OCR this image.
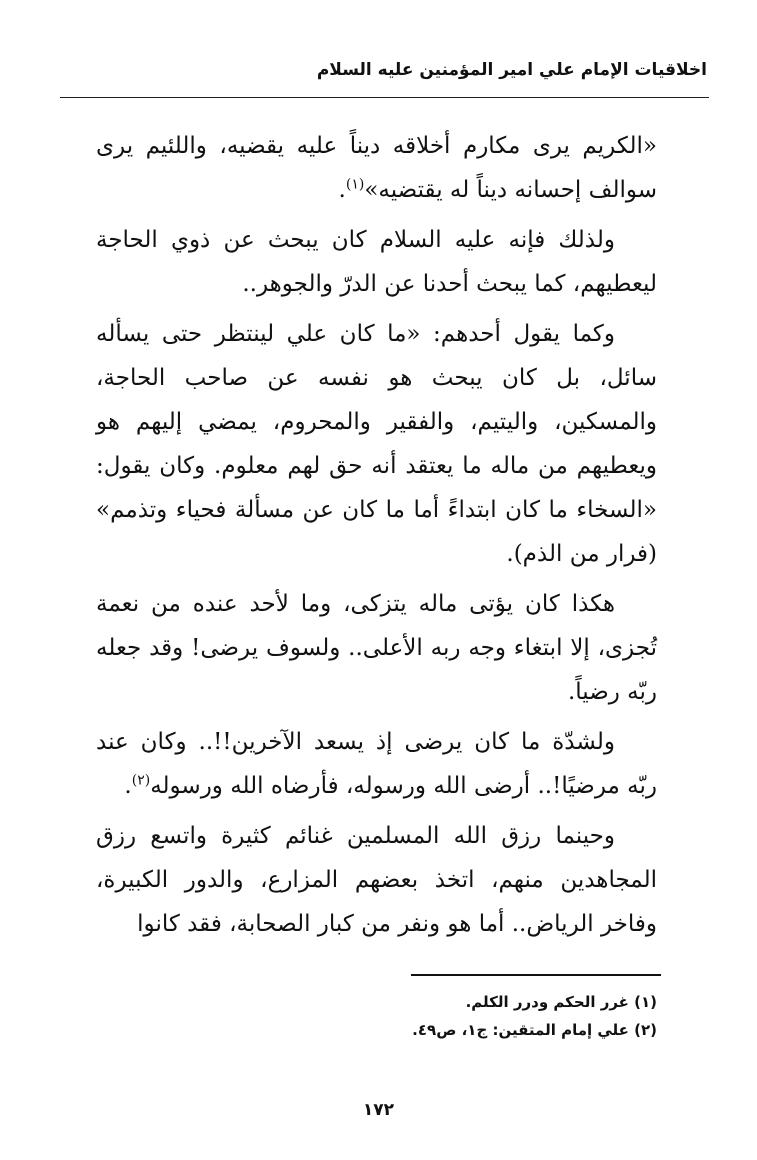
اخلاقيات الإمام علي امير المؤمنين عليه السلام

«الكريم يرى مكارم أخلاقه ديناً عليه يقضيه، واللئيم يرى سوالف إحسانه ديناً له يقتضيه»$^{(١)}$.

ولذلك فإنه عليه السلام كان يبحث عن ذوي الحاجة ليعطيهم، كما يبحث أحدنا عن الدرّ والجوهر..

وكما يقول أحدهم: «ما كان علي لينتظر حتى يسأله سائل، بل كان يبحث هو نفسه عن صاحب الحاجة، والمسكين، واليتيم، والفقير والمحروم، يمضي إليهم هو ويعطيهم من ماله ما يعتقد أنه حق لهم معلوم. وكان يقول: «السخاء ما كان ابتداءً أما ما كان عن مسألة فحياء وتذمم» (فرار من الذم).

هكذا كان يؤتى ماله يتزكى، وما لأحد عنده من نعمة تُجزى، إلا ابتغاء وجه ربه الأعلى.. ولسوف يرضى! وقد جعله ربّه رضياً.

ولشدّة ما كان يرضى إذ يسعد الآخرين!!.. وكان عند ربّه مرضيًا!.. أرضى الله ورسوله، فأرضاه الله ورسوله$^{(٢)}$.

وحينما رزق الله المسلمين غنائم كثيرة واتسع رزق المجاهدين منهم، اتخذ بعضهم المزارع، والدور الكبيرة، وفاخر الرياض.. أما هو ونفر من كبار الصحابة، فقد كانوا

(١) غرر الحكم ودرر الكلم.
(٢) علي إمام المتقين: ج١، ص٤٩.
١٧٢
